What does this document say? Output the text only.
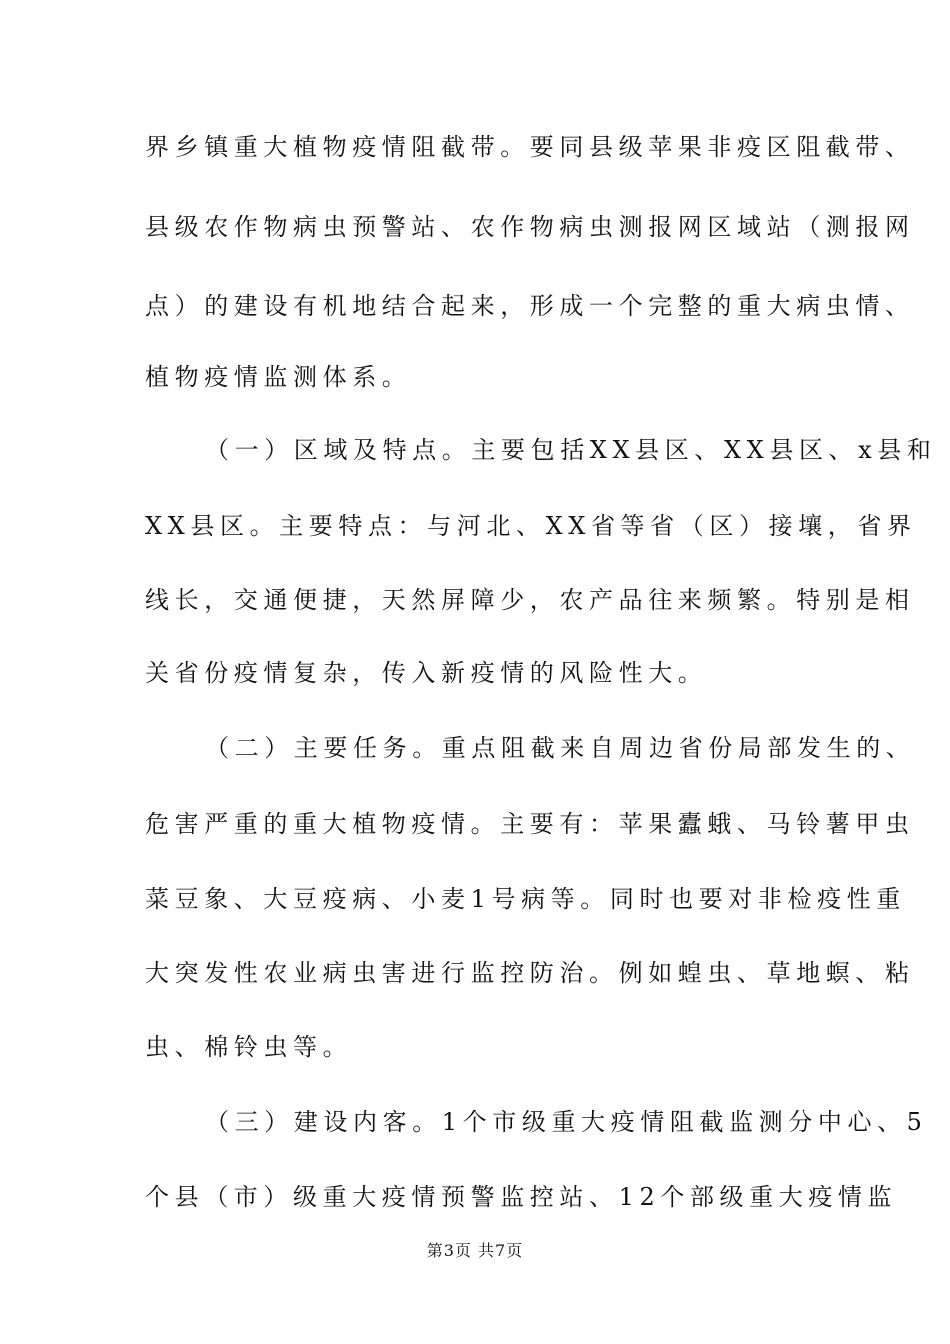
界乡镇重大植物疫情阻截带。要同县级苹果非疫区阻截带、
县级农作物病虫预警站、农作物病虫测报网区域站（测报网
点）的建设有机地结合起来，形成一个完整的重大病虫情、
植物疫情监测体系。
（一）区域及特点。主要包括XX县区、XX县区、x县和
XX县区。主要特点：与河北、XX省等省（区）接壤，省界
线长，交通便捷，天然屏障少，农产品往来频繁。特别是相
关省份疫情复杂，传入新疫情的风险性大。
（二）主要任务。重点阻截来自周边省份局部发生的、
危害严重的重大植物疫情。主要有：苹果蠹蛾、马铃薯甲虫
菜豆象、大豆疫病、小麦1号病等。同时也要对非检疫性重
大突发性农业病虫害进行监控防治。例如蝗虫、草地螟、粘
虫、棉铃虫等。
（三）建设内客。1个市级重大疫情阻截监测分中心、5
个县（市）级重大疫情预警监控站、12个部级重大疫情监
第3页 共7页
